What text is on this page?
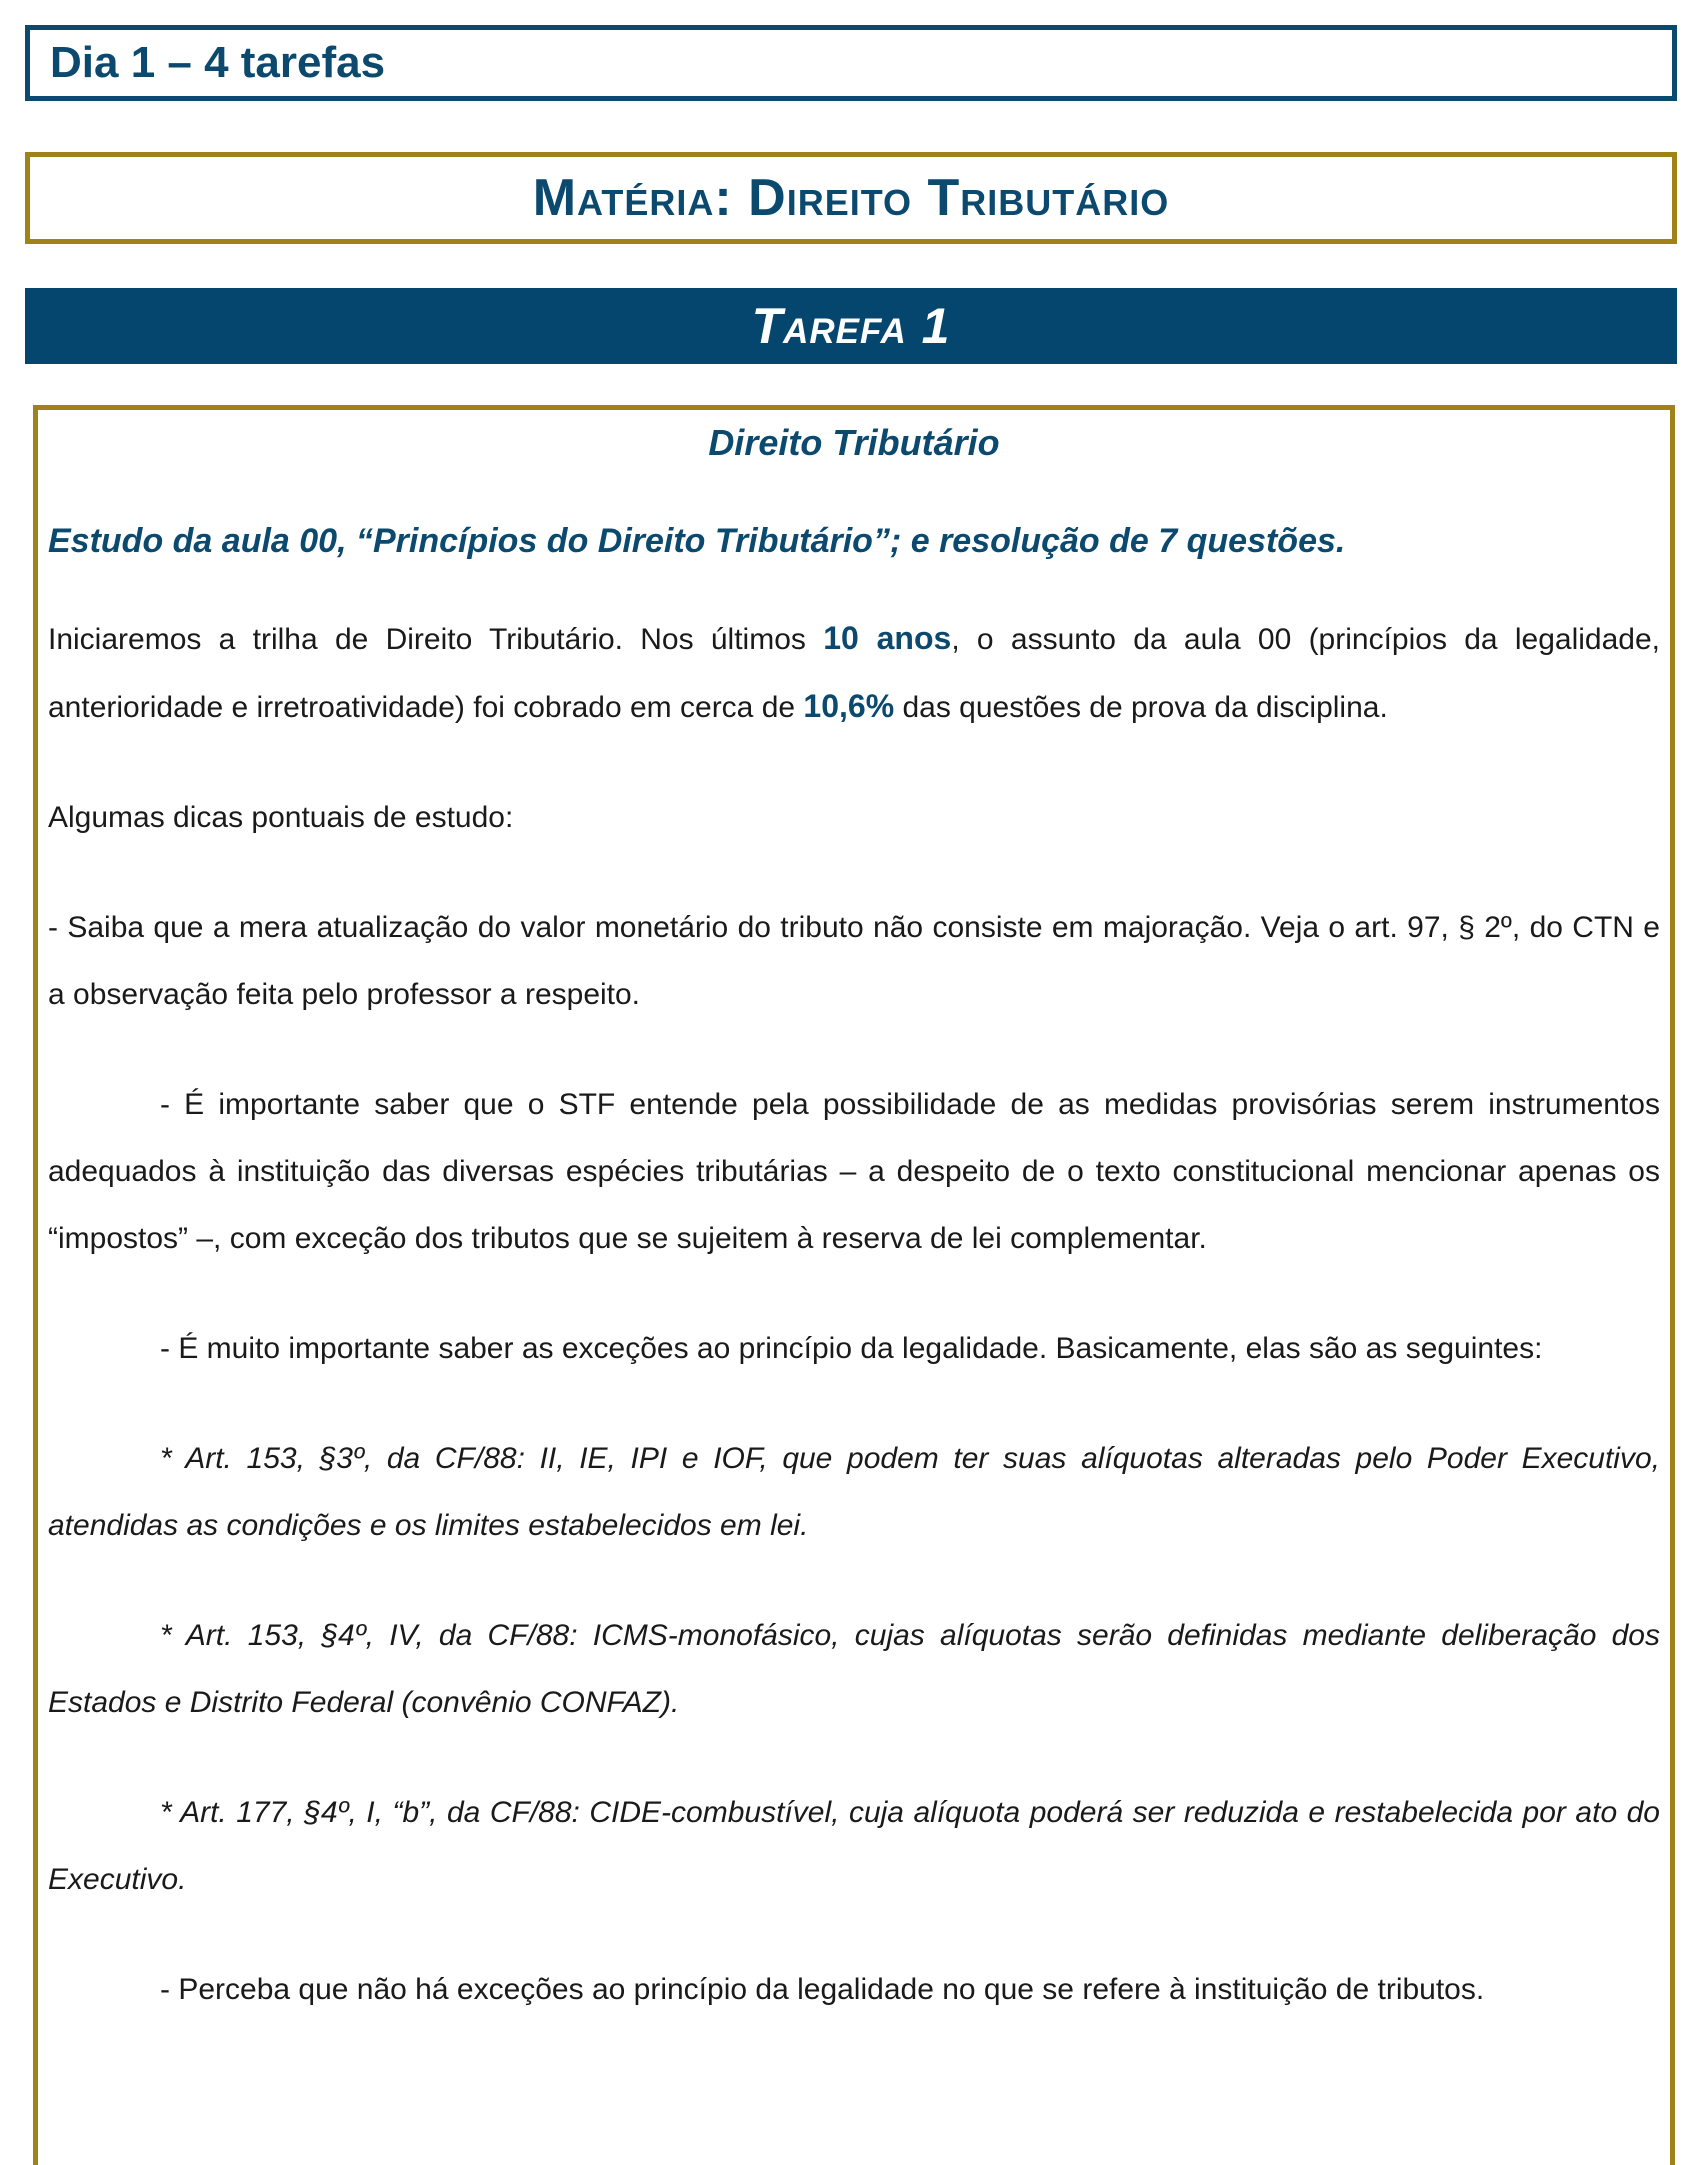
Dia 1 – 4 tarefas
Matéria: Direito Tributário
Tarefa 1
Direito Tributário
Estudo da aula 00, “Princípios do Direito Tributário”; e resolução de 7 questões.

Iniciaremos a trilha de Direito Tributário. Nos últimos 10 anos, o assunto da aula 00 (princípios da legalidade, anterioridade e irretroatividade) foi cobrado em cerca de 10,6% das questões de prova da disciplina.

Algumas dicas pontuais de estudo:

- Saiba que a mera atualização do valor monetário do tributo não consiste em majoração. Veja o art. 97, § 2º, do CTN e a observação feita pelo professor a respeito.

- É importante saber que o STF entende pela possibilidade de as medidas provisórias serem instrumentos adequados à instituição das diversas espécies tributárias – a despeito de o texto constitucional mencionar apenas os “impostos” –, com exceção dos tributos que se sujeitem à reserva de lei complementar.

- É muito importante saber as exceções ao princípio da legalidade. Basicamente, elas são as seguintes:

* Art. 153, §3º, da CF/88: II, IE, IPI e IOF, que podem ter suas alíquotas alteradas pelo Poder Executivo, atendidas as condições e os limites estabelecidos em lei.

* Art. 153, §4º, IV, da CF/88: ICMS-monofásico, cujas alíquotas serão definidas mediante deliberação dos Estados e Distrito Federal (convênio CONFAZ).

* Art. 177, §4º, I, “b”, da CF/88: CIDE-combustível, cuja alíquota poderá ser reduzida e restabelecida por ato do Executivo.

- Perceba que não há exceções ao princípio da legalidade no que se refere à instituição de tributos.
